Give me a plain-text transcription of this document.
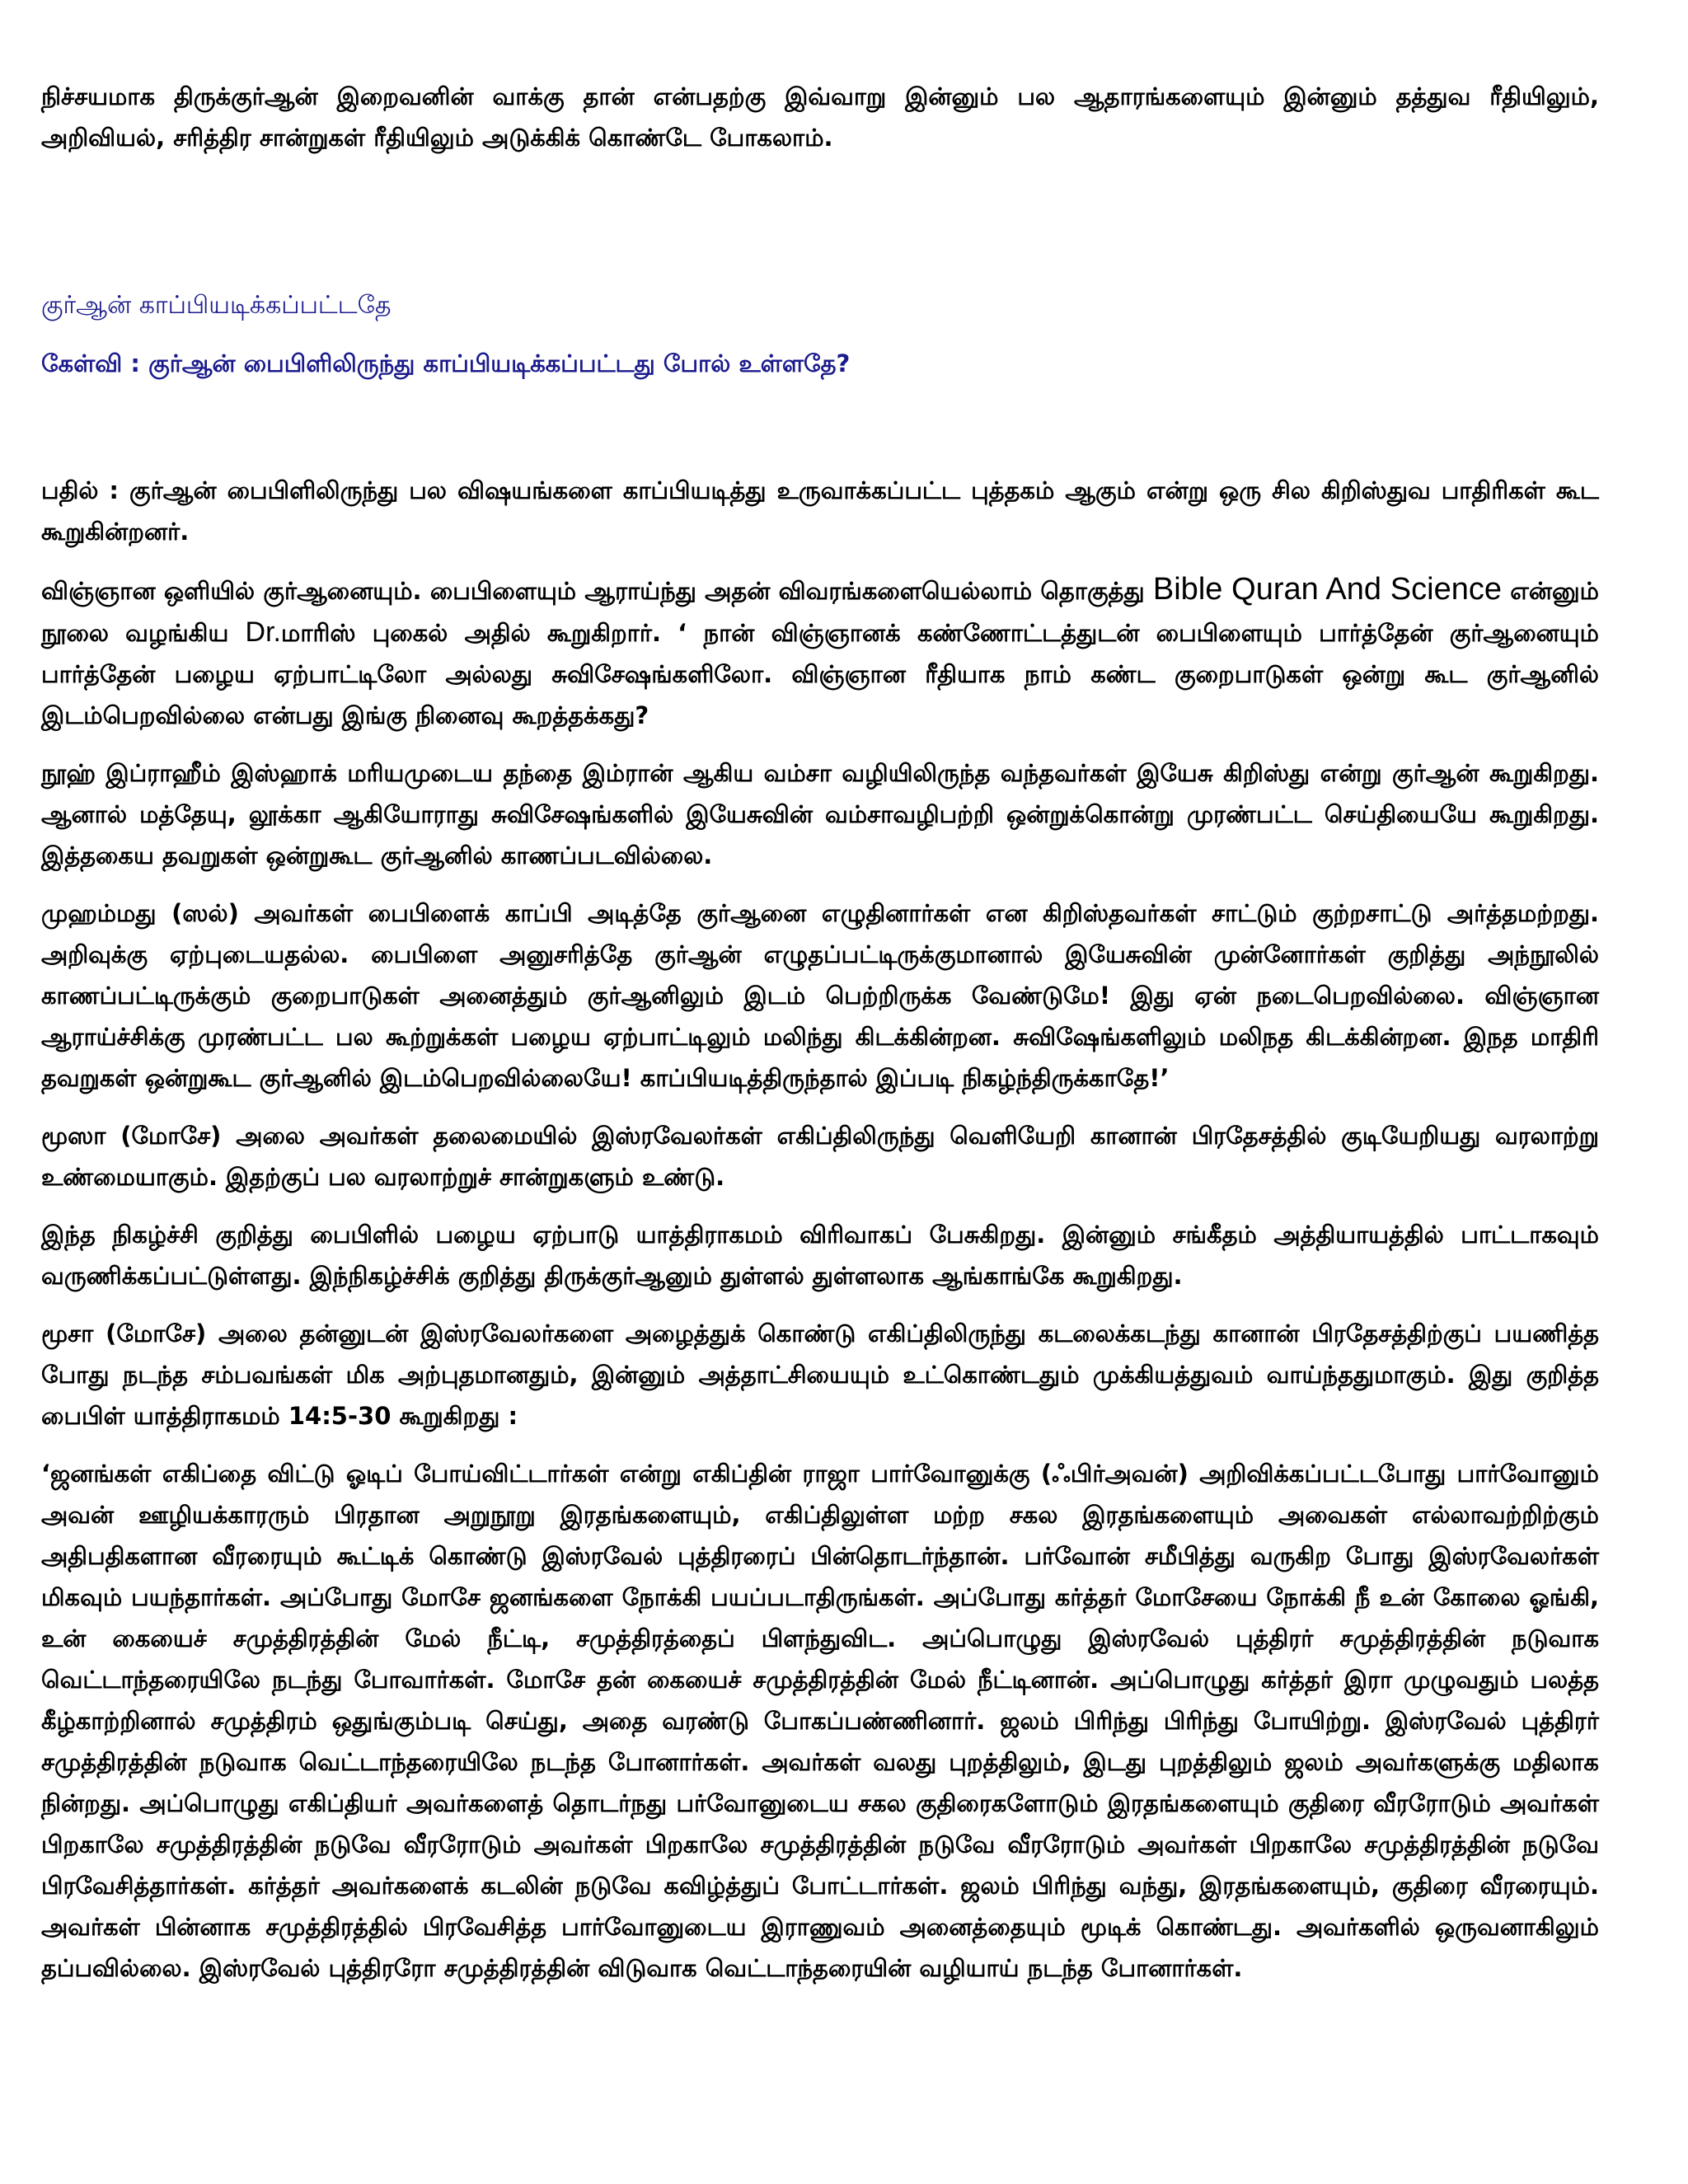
நிச்சயமாக திருக்குர்ஆன் இறைவனின் வாக்கு தான் என்பதற்கு இவ்வாறு இன்னும் பல ஆதாரங்களையும் இன்னும் தத்துவ ரீதியிலும், அறிவியல், சரித்திர சான்றுகள் ரீதியிலும் அடுக்கிக் கொண்டே போகலாம்.

குர்ஆன் காப்பியடிக்கப்பட்டதே

கேள்வி : குர்ஆன் பைபிளிலிருந்து காப்பியடிக்கப்பட்டது போல் உள்ளதே?

பதில் : குர்ஆன் பைபிளிலிருந்து பல விஷயங்களை காப்பியடித்து உருவாக்கப்பட்ட புத்தகம் ஆகும் என்று ஒரு சில கிறிஸ்துவ பாதிரிகள் கூட கூறுகின்றனர்.

விஞ்ஞான ஒளியில் குர்ஆனையும். பைபிளையும் ஆராய்ந்து அதன் விவரங்களையெல்லாம் தொகுத்து Bible Quran And Science என்னும் நூலை வழங்கிய Dr.மாரிஸ் புகைல் அதில் கூறுகிறார். ‘ நான் விஞ்ஞானக் கண்ணோட்டத்துடன் பைபிளையும் பார்த்தேன் குர்ஆனையும் பார்த்தேன் பழைய ஏற்பாட்டிலோ அல்லது சுவிசேஷங்களிலோ. விஞ்ஞான ரீதியாக நாம் கண்ட குறைபாடுகள் ஒன்று கூட குர்ஆனில் இடம்பெறவில்லை என்பது இங்கு நினைவு கூறத்தக்கது?

நூஹ் இப்ராஹீம் இஸ்ஹாக் மரியமுடைய தந்தை இம்ரான் ஆகிய வம்சா வழியிலிருந்த வந்தவர்கள் இயேசு கிறிஸ்து என்று குர்ஆன் கூறுகிறது. ஆனால் மத்தேயு, லூக்கா ஆகியோராது சுவிசேஷங்களில் இயேசுவின் வம்சாவழிபற்றி ஒன்றுக்கொன்று முரண்பட்ட செய்தியையே கூறுகிறது. இத்தகைய தவறுகள் ஒன்றுகூட குர்ஆனில் காணப்படவில்லை.

முஹம்மது (ஸல்) அவர்கள் பைபிளைக் காப்பி அடித்தே குர்ஆனை எழுதினார்கள் என கிறிஸ்தவர்கள் சாட்டும் குற்றசாட்டு அர்த்தமற்றது. அறிவுக்கு ஏற்புடையதல்ல. பைபிளை அனுசரித்தே குர்ஆன் எழுதப்பட்டிருக்குமானால் இயேசுவின் முன்னோர்கள் குறித்து அந்நூலில் காணப்பட்டிருக்கும் குறைபாடுகள் அனைத்தும் குர்ஆனிலும் இடம் பெற்றிருக்க வேண்டுமே! இது ஏன் நடைபெறவில்லை. விஞ்ஞான ஆராய்ச்சிக்கு முரண்பட்ட பல கூற்றுக்கள் பழைய ஏற்பாட்டிலும் மலிந்து கிடக்கின்றன. சுவிஷேங்களிலும் மலிநத கிடக்கின்றன. இநத மாதிரி தவறுகள் ஒன்றுகூட குர்ஆனில் இடம்பெறவில்லையே! காப்பியடித்திருந்தால் இப்படி நிகழ்ந்திருக்காதே!’

மூஸா (மோசே) அலை அவர்கள் தலைமையில் இஸ்ரவேலர்கள் எகிப்திலிருந்து வெளியேறி கானான் பிரதேசத்தில் குடியேறியது வரலாற்று உண்மையாகும். இதற்குப் பல வரலாற்றுச் சான்றுகளும் உண்டு.

இந்த நிகழ்ச்சி குறித்து பைபிளில் பழைய ஏற்பாடு யாத்திராகமம் விரிவாகப் பேசுகிறது. இன்னும் சங்கீதம் அத்தியாயத்தில் பாட்டாகவும் வருணிக்கப்பட்டுள்ளது. இந்நிகழ்ச்சிக் குறித்து திருக்குர்ஆனும் துள்ளல் துள்ளலாக ஆங்காங்கே கூறுகிறது.

மூசா (மோசே) அலை தன்னுடன் இஸ்ரவேலர்களை அழைத்துக் கொண்டு எகிப்திலிருந்து கடலைக்கடந்து கானான் பிரதேசத்திற்குப் பயணித்த போது நடந்த சம்பவங்கள் மிக அற்புதமானதும், இன்னும் அத்தாட்சியையும் உட்கொண்டதும் முக்கியத்துவம் வாய்ந்ததுமாகும். இது குறித்த பைபிள் யாத்திராகமம் 14:5-30 கூறுகிறது :

‘ஜனங்கள் எகிப்தை விட்டு ஓடிப் போய்விட்டார்கள் என்று எகிப்தின் ராஜா பார்வோனுக்கு (ஃபிர்அவன்) அறிவிக்கப்பட்டபோது பார்வோனும் அவன் ஊழியக்காரரும் பிரதான அறுநூறு இரதங்களையும், எகிப்திலுள்ள மற்ற சகல இரதங்களையும் அவைகள் எல்லாவற்றிற்கும் அதிபதிகளான வீரரையும் கூட்டிக் கொண்டு இஸ்ரவேல் புத்திரரைப் பின்தொடர்ந்தான். பர்வோன் சமீபித்து வருகிற போது இஸ்ரவேலர்கள் மிகவும் பயந்தார்கள். அப்போது மோசே ஜனங்களை நோக்கி பயப்படாதிருங்கள். அப்போது கர்த்தர் மோசேயை நோக்கி நீ உன் கோலை ஓங்கி, உன் கையைச் சமுத்திரத்தின் மேல் நீட்டி, சமுத்திரத்தைப் பிளந்துவிட. அப்பொழுது இஸ்ரவேல் புத்திரர் சமுத்திரத்தின் நடுவாக வெட்டாந்தரையிலே நடந்து போவார்கள். மோசே தன் கையைச் சமுத்திரத்தின் மேல் நீட்டினான். அப்பொழுது கர்த்தர் இரா முழுவதும் பலத்த கீழ்காற்றினால் சமுத்திரம் ஒதுங்கும்படி செய்து, அதை வரண்டு போகப்பண்ணினார். ஜலம் பிரிந்து பிரிந்து போயிற்று. இஸ்ரவேல் புத்திரர் சமுத்திரத்தின் நடுவாக வெட்டாந்தரையிலே நடந்த போனார்கள். அவர்கள் வலது புறத்திலும், இடது புறத்திலும் ஜலம் அவர்களுக்கு மதிலாக நின்றது. அப்பொழுது எகிப்தியர் அவர்களைத் தொடர்நது பர்வோனுடைய சகல குதிரைகளோடும் இரதங்களையும் குதிரை வீரரோடும் அவர்கள் பிறகாலே சமுத்திரத்தின் நடுவே வீரரோடும் அவர்கள் பிறகாலே சமுத்திரத்தின் நடுவே வீரரோடும் அவர்கள் பிறகாலே சமுத்திரத்தின் நடுவே பிரவேசித்தார்கள். கர்த்தர் அவர்களைக் கடலின் நடுவே கவிழ்த்துப் போட்டார்கள். ஜலம் பிரிந்து வந்து, இரதங்களையும், குதிரை வீரரையும். அவர்கள் பின்னாக சமுத்திரத்தில் பிரவேசித்த பார்வோனுடைய இராணுவம் அனைத்தையும் மூடிக் கொண்டது. அவர்களில் ஒருவனாகிலும் தப்பவில்லை. இஸ்ரவேல் புத்திரரோ சமுத்திரத்தின் விடுவாக வெட்டாந்தரையின் வழியாய் நடந்த போனார்கள்.
